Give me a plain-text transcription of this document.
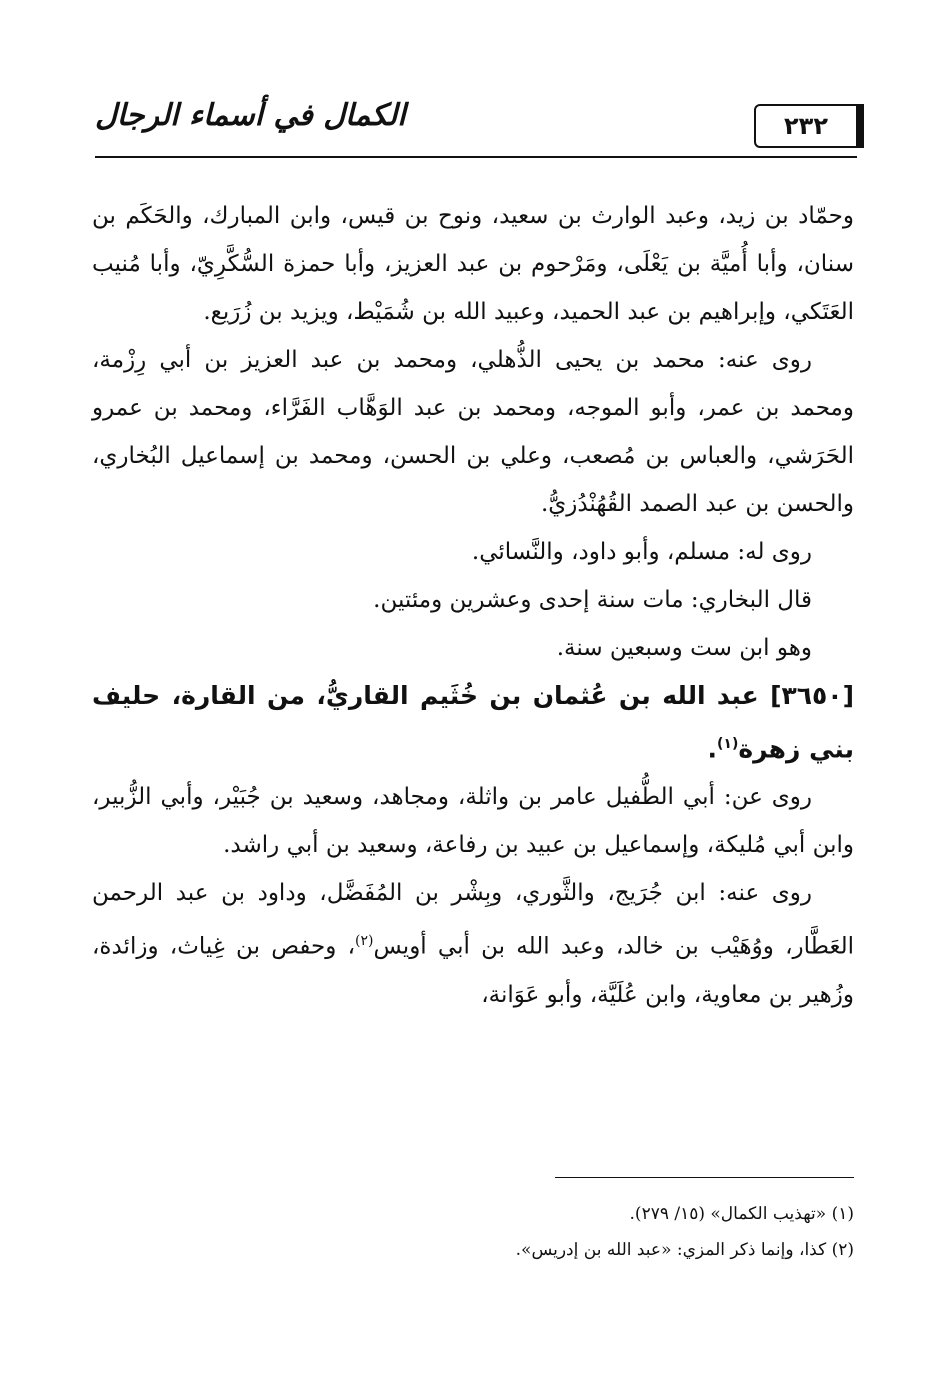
الكمال في أسماء الرجال	٢٣٢

وحمّاد بن زيد، وعبد الوارث بن سعيد، ونوح بن قيس، وابن المبارك، والحَكَم بن سنان، وأبا أُميَّة بن يَعْلَى، ومَرْحوم بن عبد العزيز، وأبا حمزة السُّكَّرِيّ، وأبا مُنيب العَتَكي، وإبراهيم بن عبد الحميد، وعبيد الله بن شُمَيْط، ويزيد بن زُرَيع.

روى عنه: محمد بن يحيى الذُّهلي، ومحمد بن عبد العزيز بن أبي رِزْمة، ومحمد بن عمر، وأبو الموجه، ومحمد بن عبد الوَهَّاب الفَرَّاء، ومحمد بن عمرو الحَرَشي، والعباس بن مُصعب، وعلي بن الحسن، ومحمد بن إسماعيل البُخاري، والحسن بن عبد الصمد القُهُنْدُزيُّ.

روى له: مسلم، وأبو داود، والنَّسائي.

قال البخاري: مات سنة إحدى وعشرين ومئتين.

وهو ابن ست وسبعين سنة.

[٣٦٥٠] عبد الله بن عُثمان بن خُثَيم القاريُّ، من القارة، حليف بني زهرة$^{(١)}$.

روى عن: أبي الطُّفيل عامر بن واثلة، ومجاهد، وسعيد بن جُبَيْر، وأبي الزُّبير، وابن أبي مُليكة، وإسماعيل بن عبيد بن رفاعة، وسعيد بن أبي راشد.

روى عنه: ابن جُرَيج، والثَّوري، وبِشْر بن المُفَضَّل، وداود بن عبد الرحمن العَطَّار، ووُهَيْب بن خالد، وعبد الله بن أبي أويس$^{(٢)}$، وحفص بن غِياث، وزائدة، وزُهير بن معاوية، وابن عُلَيَّة، وأبو عَوَانة،

(١) «تهذيب الكمال» (١٥/ ٢٧٩).

(٢) كذا، وإنما ذكر المزي: «عبد الله بن إدريس».
